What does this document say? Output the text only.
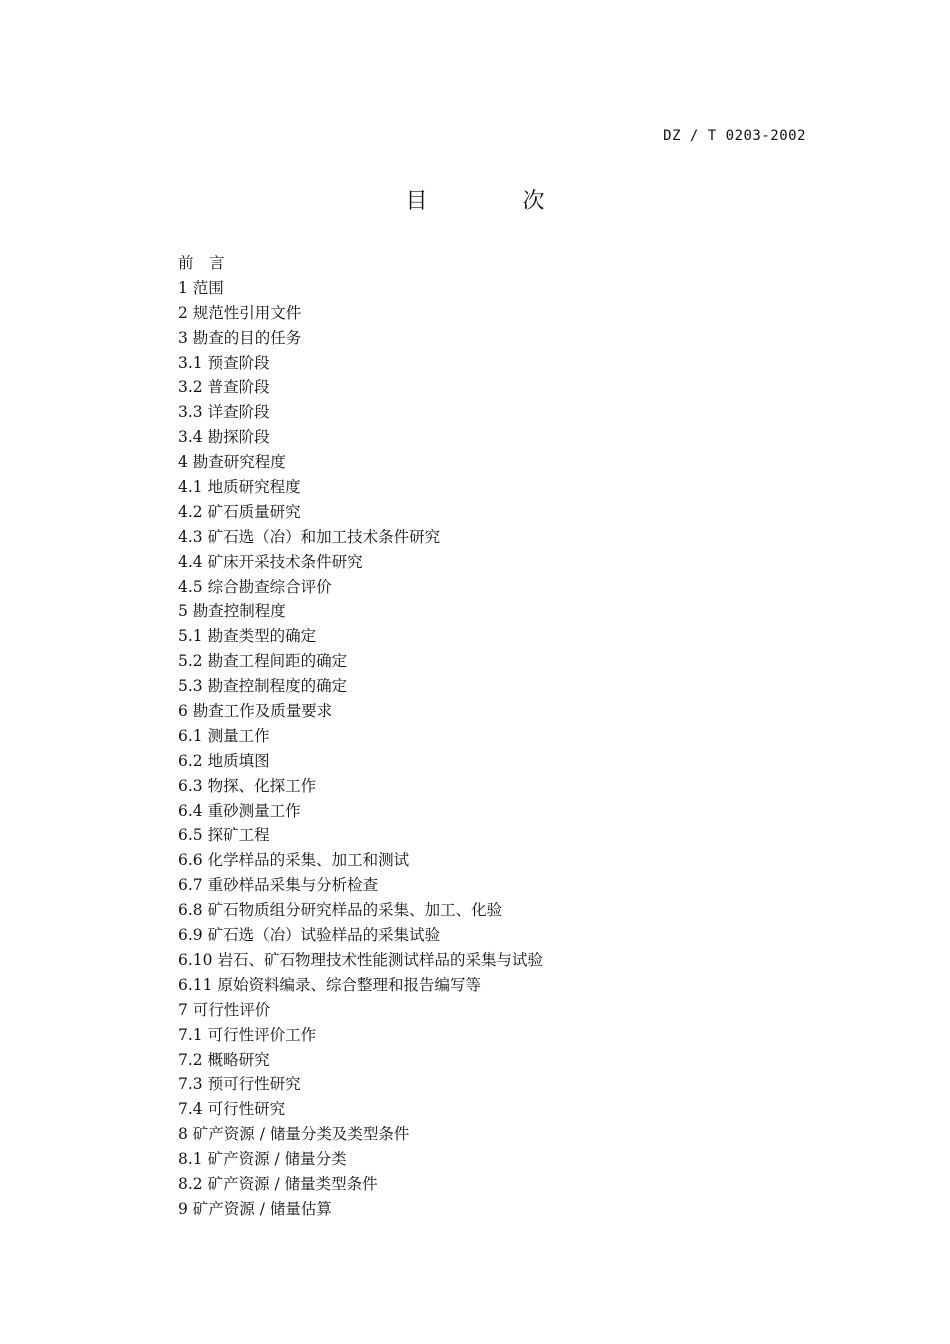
DZ / T 0203-2002
目 次
前　言
1 范围
2 规范性引用文件
3 勘查的目的任务
3.1 预查阶段
3.2 普查阶段
3.3 详查阶段
3.4 勘探阶段
4 勘查研究程度
4.1 地质研究程度
4.2 矿石质量研究
4.3 矿石选（冶）和加工技术条件研究
4.4 矿床开采技术条件研究
4.5 综合勘查综合评价
5 勘查控制程度
5.1 勘查类型的确定
5.2 勘查工程间距的确定
5.3 勘查控制程度的确定
6 勘查工作及质量要求
6.1 测量工作
6.2 地质填图
6.3 物探、化探工作
6.4 重砂测量工作
6.5 探矿工程
6.6 化学样品的采集、加工和测试
6.7 重砂样品采集与分析检查
6.8 矿石物质组分研究样品的采集、加工、化验
6.9 矿石选（冶）试验样品的采集试验
6.10 岩石、矿石物理技术性能测试样品的采集与试验
6.11 原始资料编录、综合整理和报告编写等
7 可行性评价
7.1 可行性评价工作
7.2 概略研究
7.3 预可行性研究
7.4 可行性研究
8 矿产资源 / 储量分类及类型条件
8.1 矿产资源 / 储量分类
8.2 矿产资源 / 储量类型条件
9 矿产资源 / 储量估算
